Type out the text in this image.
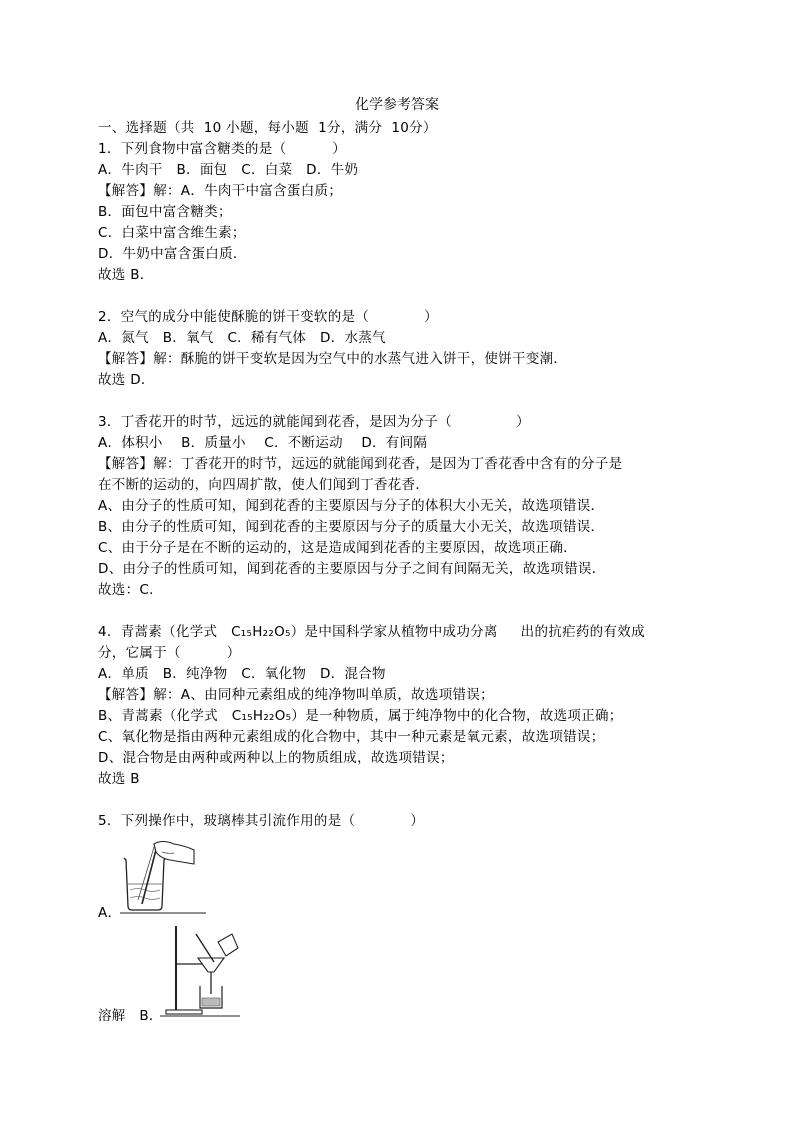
化学参考答案
一、选择题（共  10 小题，每小题  1分，满分  10分）
1．下列食物中富含糖类的是（          ）
A．牛肉干   B．面包   C．白菜   D．牛奶
【解答】解：A．牛肉干中富含蛋白质；
B．面包中富含糖类；
C．白菜中富含维生素；
D．牛奶中富含蛋白质．
故选 B．
2．空气的成分中能使酥脆的饼干变软的是（            ）
A．氮气   B．氧气   C．稀有气体   D．水蒸气
【解答】解：酥脆的饼干变软是因为空气中的水蒸气进入饼干，使饼干变潮．
故选 D．
3．丁香花开的时节，远远的就能闻到花香，是因为分子（              ）
A．体积小    B．质量小    C．不断运动    D．有间隔
【解答】解：丁香花开的时节，远远的就能闻到花香，是因为丁香花香中含有的分子是
在不断的运动的，向四周扩散，使人们闻到丁香花香．
A、由分子的性质可知，闻到花香的主要原因与分子的体积大小无关，故选项错误．
B、由分子的性质可知，闻到花香的主要原因与分子的质量大小无关，故选项错误．
C、由于分子是在不断的运动的，这是造成闻到花香的主要原因，故选项正确．
D、由分子的性质可知，闻到花香的主要原因与分子之间有间隔无关，故选项错误．
故选：C．
4．青蒿素（化学式   C₁₅H₂₂O₅）是中国科学家从植物中成功分离     出的抗疟药的有效成
分，它属于（          ）
A．单质   B．纯净物   C．氧化物   D．混合物
【解答】解：A、由同种元素组成的纯净物叫单质，故选项错误；
B、青蒿素（化学式   C₁₅H₂₂O₅）是一种物质，属于纯净物中的化合物，故选项正确；
C、氧化物是指由两种元素组成的化合物中，其中一种元素是氧元素，故选项错误；
D、混合物是由两种或两种以上的物质组成，故选项错误；
故选 B
5．下列操作中，玻璃棒其引流作用的是（            ）
A．
溶解   B．
